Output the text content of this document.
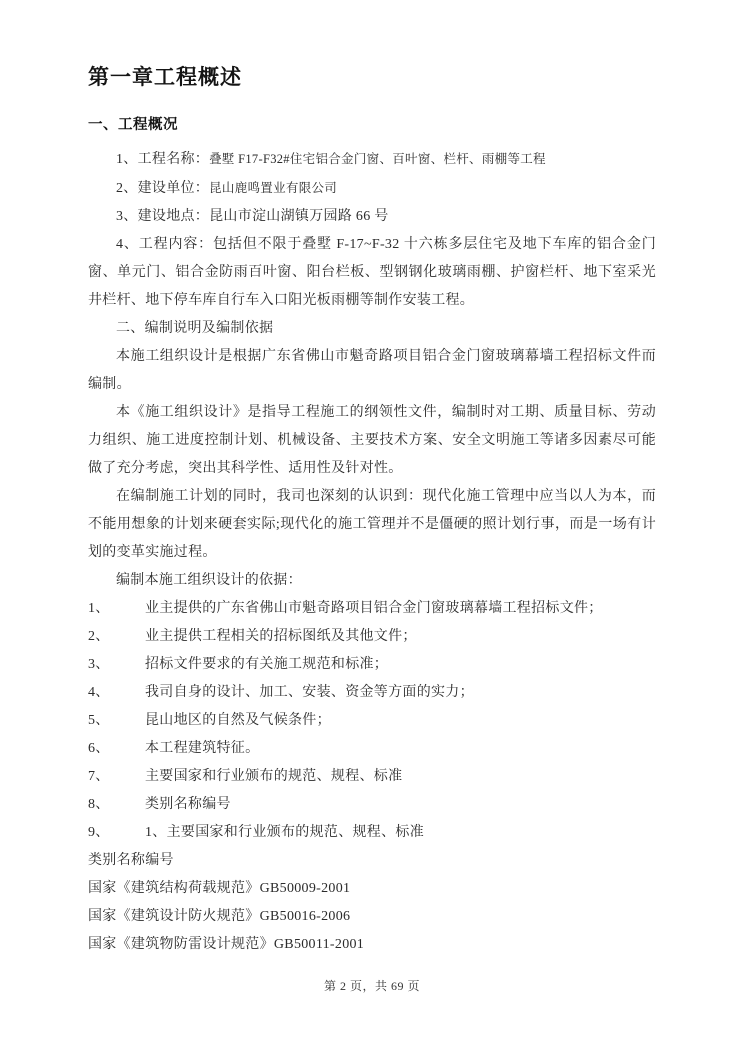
第一章工程概述
一、工程概况

1、工程名称：叠墅 F17-F32#住宅铝合金门窗、百叶窗、栏杆、雨棚等工程

2、建设单位：昆山鹿鸣置业有限公司

3、建设地点：昆山市淀山湖镇万园路 66 号

4、工程内容：包括但不限于叠墅 F-17~F-32 十六栋多层住宅及地下车库的铝合金门窗、单元门、铝合金防雨百叶窗、阳台栏板、型钢钢化玻璃雨棚、护窗栏杆、地下室采光井栏杆、地下停车库自行车入口阳光板雨棚等制作安装工程。

二、编制说明及编制依据

本施工组织设计是根据广东省佛山市魁奇路项目铝合金门窗玻璃幕墙工程招标文件而编制。

本《施工组织设计》是指导工程施工的纲领性文件，编制时对工期、质量目标、劳动力组织、施工进度控制计划、机械设备、主要技术方案、安全文明施工等诸多因素尽可能做了充分考虑，突出其科学性、适用性及针对性。

在编制施工计划的同时，我司也深刻的认识到：现代化施工管理中应当以人为本，而不能用想象的计划来硬套实际;现代化的施工管理并不是僵硬的照计划行事，而是一场有计划的变革实施过程。

编制本施工组织设计的依据：

1、	业主提供的广东省佛山市魁奇路项目铝合金门窗玻璃幕墙工程招标文件；
2、	业主提供工程相关的招标图纸及其他文件；
3、	招标文件要求的有关施工规范和标准；
4、	我司自身的设计、加工、安装、资金等方面的实力；
5、	昆山地区的自然及气候条件；
6、	本工程建筑特征。
7、	主要国家和行业颁布的规范、规程、标准
8、	类别名称编号
9、	1、主要国家和行业颁布的规范、规程、标准

类别名称编号

国家《建筑结构荷载规范》GB50009-2001

国家《建筑设计防火规范》GB50016-2006

国家《建筑物防雷设计规范》GB50011-2001

第 2 页，共 69 页
